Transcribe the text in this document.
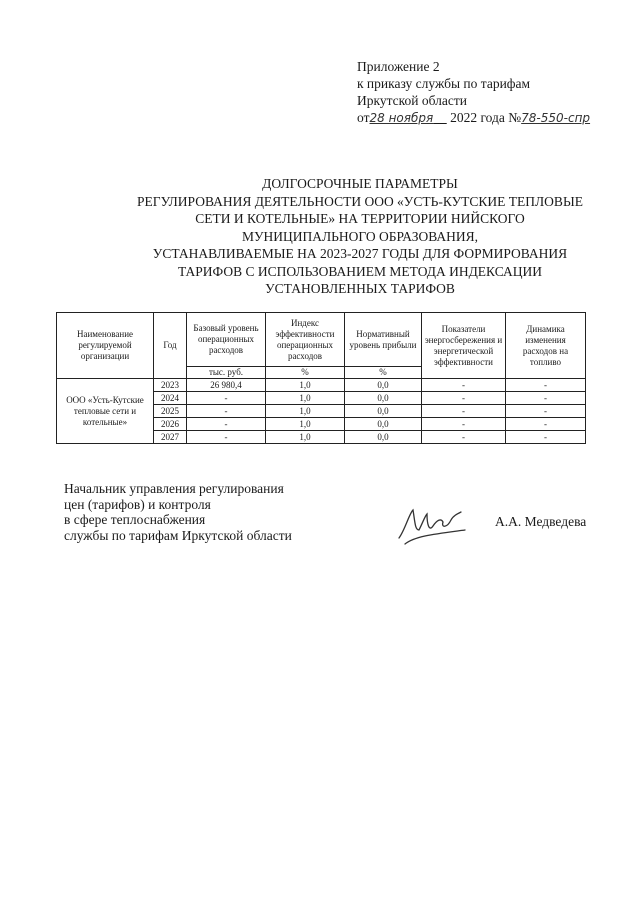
Приложение 2
к приказу службы по тарифам
Иркутской области
от28 ноября 2022 года №78-550-спр
ДОЛГОСРОЧНЫЕ ПАРАМЕТРЫ
РЕГУЛИРОВАНИЯ ДЕЯТЕЛЬНОСТИ ООО «УСТЬ-КУТСКИЕ ТЕПЛОВЫЕ
СЕТИ И КОТЕЛЬНЫЕ» НА ТЕРРИТОРИИ НИЙСКОГО
МУНИЦИПАЛЬНОГО ОБРАЗОВАНИЯ,
УСТАНАВЛИВАЕМЫЕ НА 2023-2027 ГОДЫ ДЛЯ ФОРМИРОВАНИЯ
ТАРИФОВ С ИСПОЛЬЗОВАНИЕМ МЕТОДА ИНДЕКСАЦИИ
УСТАНОВЛЕННЫХ ТАРИФОВ
Наименование регулируемой организации	Год	Базовый уровень операционных расходов	Индекс эффективности операционных расходов	Нормативный уровень прибыли	Показатели энергосбережения и энергетической эффективности	Динамика изменения расходов на топливо
		тыс. руб.	%	%		
ООО «Усть-Кутские тепловые сети и котельные»	2023	26 980,4	1,0	0,0	-	-
	2024	-	1,0	0,0	-	-
	2025	-	1,0	0,0	-	-
	2026	-	1,0	0,0	-	-
	2027	-	1,0	0,0	-	-
Начальник управления регулирования
цен (тарифов) и контроля
в сфере теплоснабжения
службы по тарифам Иркутской области
А.А. Медведева
